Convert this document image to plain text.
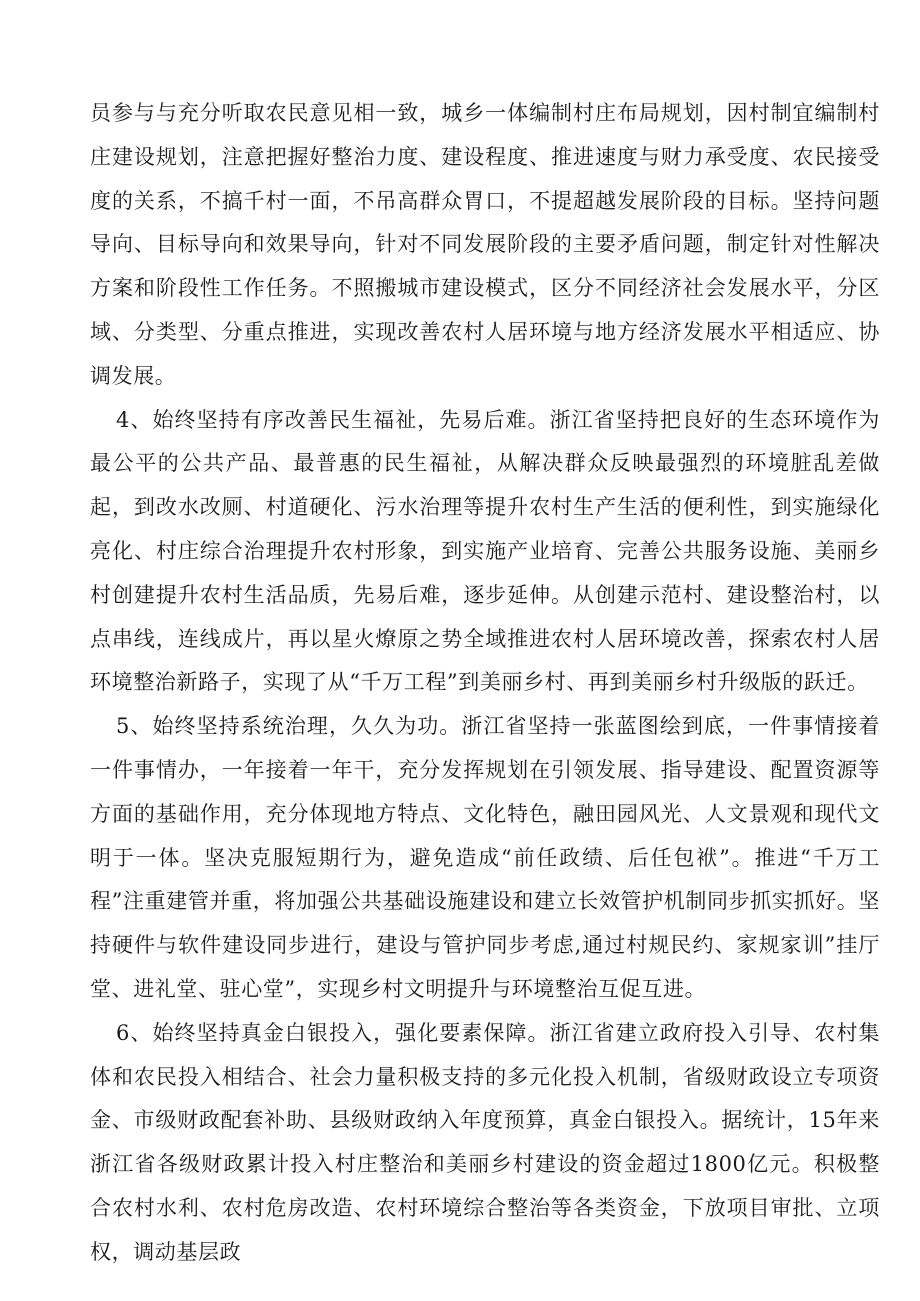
员参与与充分听取农民意见相一致，城乡一体编制村庄布局规划，因村制宜编制村庄建设规划，注意把握好整治力度、建设程度、推进速度与财力承受度、农民接受度的关系，不搞千村一面，不吊高群众胃口，不提超越发展阶段的目标。坚持问题导向、目标导向和效果导向，针对不同发展阶段的主要矛盾问题，制定针对性解决方案和阶段性工作任务。不照搬城市建设模式，区分不同经济社会发展水平，分区域、分类型、分重点推进，实现改善农村人居环境与地方经济发展水平相适应、协调发展。

4、始终坚持有序改善民生福祉，先易后难。浙江省坚持把良好的生态环境作为最公平的公共产品、最普惠的民生福祉，从解决群众反映最强烈的环境脏乱差做起，到改水改厕、村道硬化、污水治理等提升农村生产生活的便利性，到实施绿化亮化、村庄综合治理提升农村形象，到实施产业培育、完善公共服务设施、美丽乡村创建提升农村生活品质，先易后难，逐步延伸。从创建示范村、建设整治村，以点串线，连线成片，再以星火燎原之势全域推进农村人居环境改善，探索农村人居环境整治新路子，实现了从“千万工程”到美丽乡村、再到美丽乡村升级版的跃迁。

5、始终坚持系统治理，久久为功。浙江省坚持一张蓝图绘到底，一件事情接着一件事情办，一年接着一年干，充分发挥规划在引领发展、指导建设、配置资源等方面的基础作用，充分体现地方特点、文化特色，融田园风光、人文景观和现代文明于一体。坚决克服短期行为，避免造成“前任政绩、后任包袱”。推进“千万工程”注重建管并重，将加强公共基础设施建设和建立长效管护机制同步抓实抓好。坚持硬件与软件建设同步进行，建设与管护同步考虑,通过村规民约、家规家训”挂厅堂、进礼堂、驻心堂”，实现乡村文明提升与环境整治互促互进。

6、始终坚持真金白银投入，强化要素保障。浙江省建立政府投入引导、农村集体和农民投入相结合、社会力量积极支持的多元化投入机制，省级财政设立专项资金、市级财政配套补助、县级财政纳入年度预算，真金白银投入。据统计，15年来浙江省各级财政累计投入村庄整治和美丽乡村建设的资金超过1800亿元。积极整合农村水利、农村危房改造、农村环境综合整治等各类资金，下放项目审批、立项权，调动基层政
